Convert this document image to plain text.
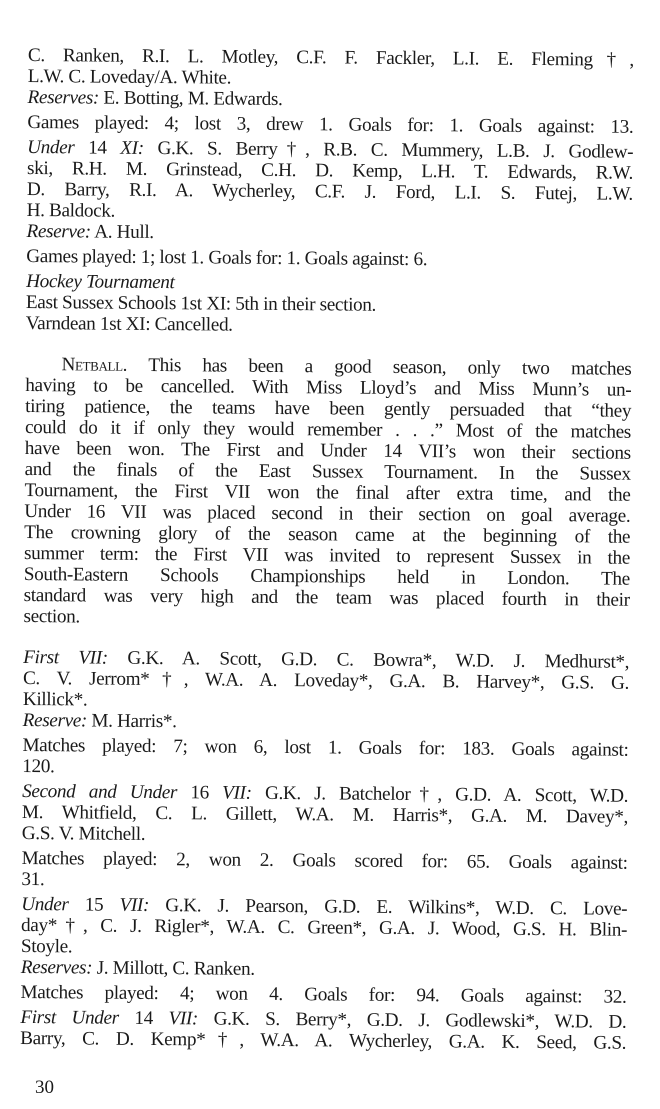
C. Ranken, R.I. L. Motley, C.F. F. Fackler, L.I. E. Fleming†,
L.W. C. Loveday/A. White.
Reserves: E. Botting, M. Edwards.
Games played: 4; lost 3, drew 1. Goals for: 1. Goals against: 13.
Under 14 XI: G.K. S. Berry†, R.B. C. Mummery, L.B. J. Godlew-
ski, R.H. M. Grinstead, C.H. D. Kemp, L.H. T. Edwards, R.W.
D. Barry, R.I. A. Wycherley, C.F. J. Ford, L.I. S. Futej, L.W.
H. Baldock.
Reserve: A. Hull.
Games played: 1; lost 1. Goals for: 1. Goals against: 6.
Hockey Tournament
East Sussex Schools 1st XI: 5th in their section.
Varndean 1st XI: Cancelled.
Netball. This has been a good season, only two matches
having to be cancelled. With Miss Lloyd’s and Miss Munn’s un-
tiring patience, the teams have been gently persuaded that “they
could do it if only they would remember . . .” Most of the matches
have been won. The First and Under 14 VII’s won their sections
and the finals of the East Sussex Tournament. In the Sussex
Tournament, the First VII won the final after extra time, and the
Under 16 VII was placed second in their section on goal average.
The crowning glory of the season came at the beginning of the
summer term: the First VII was invited to represent Sussex in the
South-Eastern Schools Championships held in London. The
standard was very high and the team was placed fourth in their
section.
First VII: G.K. A. Scott, G.D. C. Bowra*, W.D. J. Medhurst*,
C. V. Jerrom*†, W.A. A. Loveday*, G.A. B. Harvey*, G.S. G.
Killick*.
Reserve: M. Harris*.
Matches played: 7; won 6, lost 1. Goals for: 183. Goals against:
120.
Second and Under 16 VII: G.K. J. Batchelor†, G.D. A. Scott, W.D.
M. Whitfield, C. L. Gillett, W.A. M. Harris*, G.A. M. Davey*,
G.S. V. Mitchell.
Matches played: 2, won 2. Goals scored for: 65. Goals against:
31.
Under 15 VII: G.K. J. Pearson, G.D. E. Wilkins*, W.D. C. Love-
day*†, C. J. Rigler*, W.A. C. Green*, G.A. J. Wood, G.S. H. Blin-
Stoyle.
Reserves: J. Millott, C. Ranken.
Matches played: 4; won 4. Goals for: 94. Goals against: 32.
First Under 14 VII: G.K. S. Berry*, G.D. J. Godlewski*, W.D. D.
Barry, C. D. Kemp*†, W.A. A. Wycherley, G.A. K. Seed, G.S.
30
